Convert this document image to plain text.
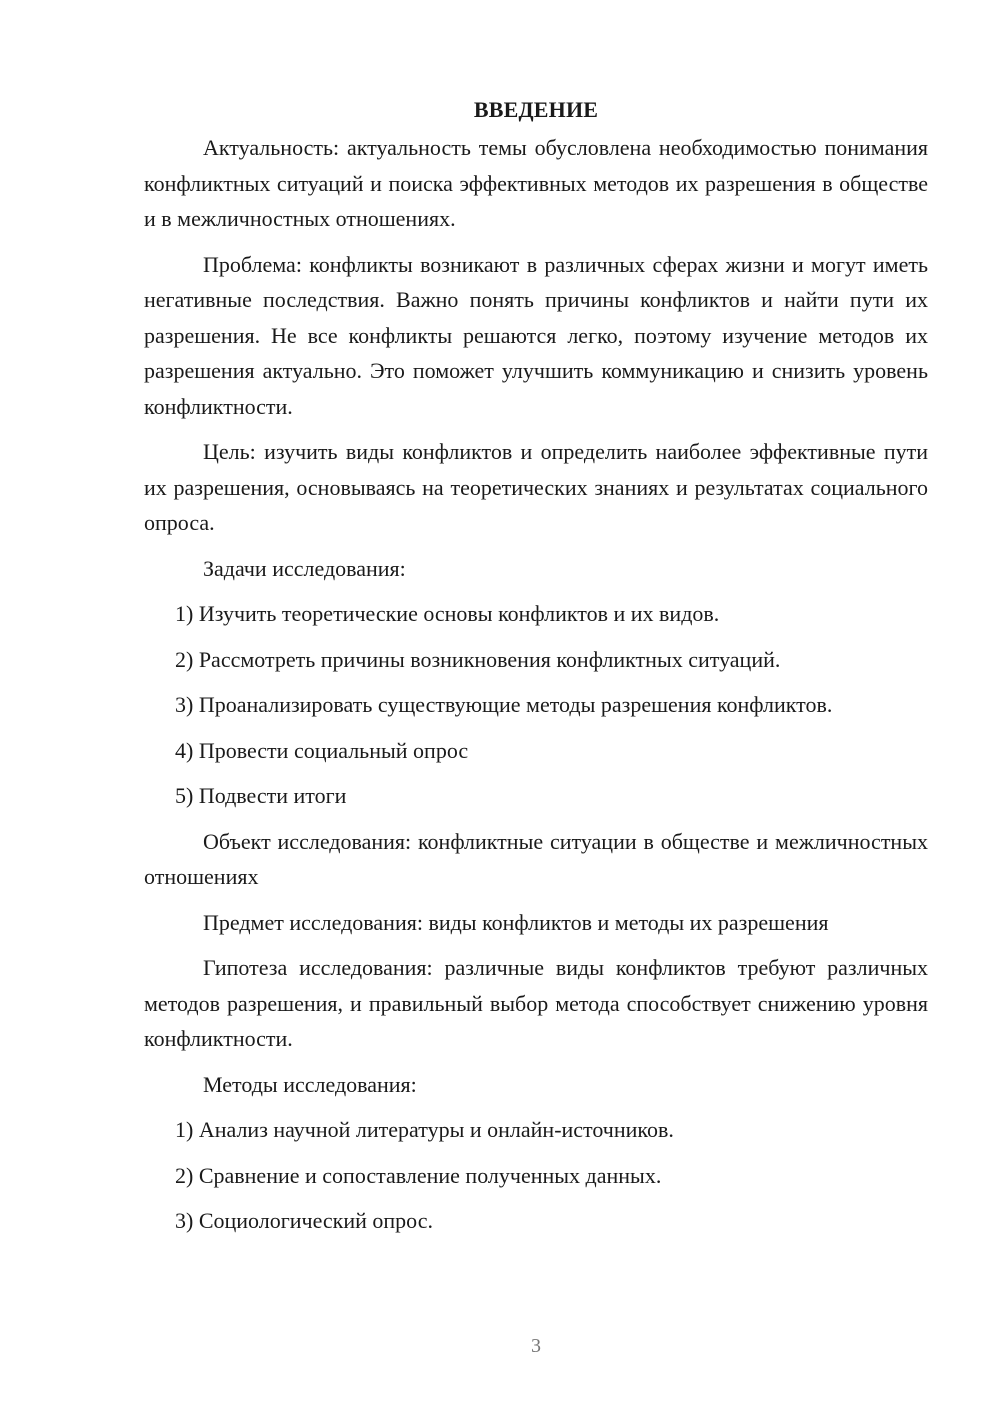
ВВЕДЕНИЕ

Актуальность: актуальность темы обусловлена необходимостью понимания конфликтных ситуаций и поиска эффективных методов их разрешения в обществе и в межличностных отношениях.

Проблема: конфликты возникают в различных сферах жизни и могут иметь негативные последствия. Важно понять причины конфликтов и найти пути их разрешения. Не все конфликты решаются легко, поэтому изучение методов их разрешения актуально. Это поможет улучшить коммуникацию и снизить уровень конфликтности.

Цель: изучить виды конфликтов и определить наиболее эффективные пути их разрешения, основываясь на теоретических знаниях и результатах социального опроса.

Задачи исследования:
1) Изучить теоретические основы конфликтов и их видов.
2) Рассмотреть причины возникновения конфликтных ситуаций.
3) Проанализировать существующие методы разрешения конфликтов.
4) Провести социальный опрос
5) Подвести итоги

Объект исследования: конфликтные ситуации в обществе и межличностных отношениях

Предмет исследования: виды конфликтов и методы их разрешения

Гипотеза исследования: различные виды конфликтов требуют различных методов разрешения, и правильный выбор метода способствует снижению уровня конфликтности.

Методы исследования:
1) Анализ научной литературы и онлайн-источников.
2) Сравнение и сопоставление полученных данных.
3) Социологический опрос.
3
